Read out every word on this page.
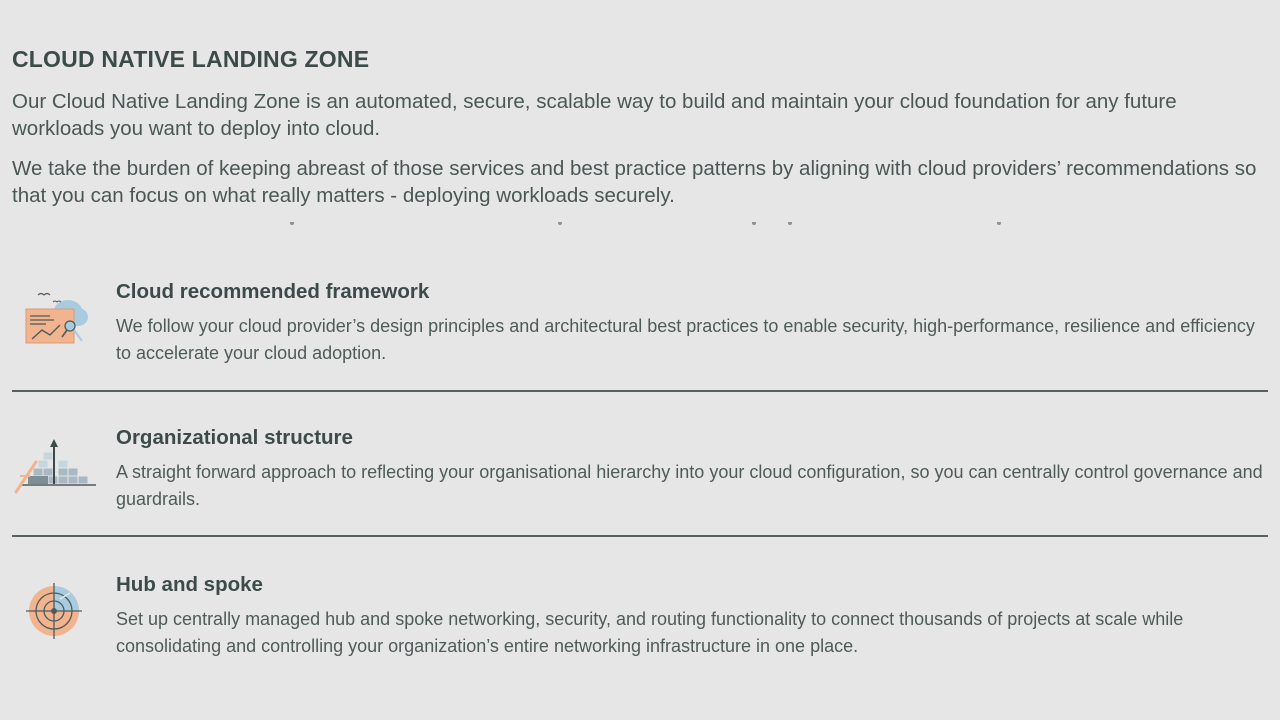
CLOUD NATIVE LANDING ZONE

Our Cloud Native Landing Zone is an automated, secure, scalable way to build and maintain your cloud foundation for any future workloads you want to deploy into cloud.

We take the burden of keeping abreast of those services and best practice patterns by aligning with cloud providers’ recommendations so that you can focus on what really matters - deploying workloads securely.

Cloud recommended framework

We follow your cloud provider’s design principles and architectural best practices to enable security, high-performance, resilience and efficiency to accelerate your cloud adoption.

Organizational structure

A straight forward approach to reflecting your organisational hierarchy into your cloud configuration, so you can centrally control governance and guardrails.

Hub and spoke

Set up centrally managed hub and spoke networking, security, and routing functionality to connect thousands of projects at scale while consolidating and controlling your organization’s entire networking infrastructure in one place.
